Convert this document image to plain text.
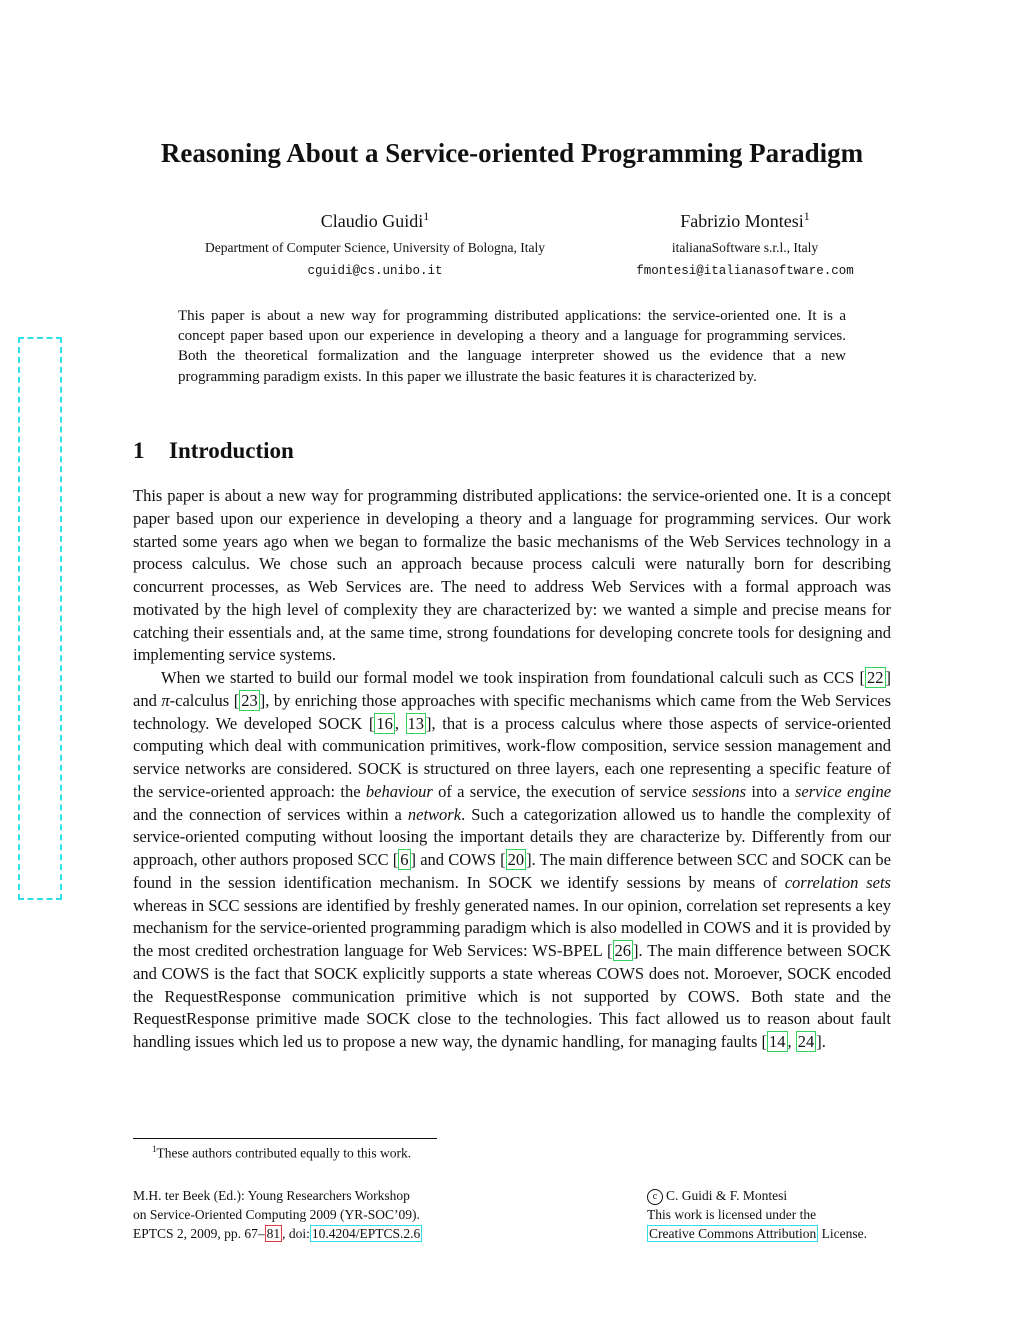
Reasoning About a Service-oriented Programming Paradigm
Claudio Guidi$^1$
Department of Computer Science, University of Bologna, Italy
cguidi@cs.unibo.it
Fabrizio Montesi$^1$
italianaSoftware s.r.l., Italy
fmontesi@italianasoftware.com

This paper is about a new way for programming distributed applications: the service-oriented one. It is a concept paper based upon our experience in developing a theory and a language for programming services. Both the theoretical formalization and the language interpreter showed us the evidence that a new programming paradigm exists. In this paper we illustrate the basic features it is characterized by.

1 Introduction

This paper is about a new way for programming distributed applications: the service-oriented one. It is a concept paper based upon our experience in developing a theory and a language for programming services. Our work started some years ago when we began to formalize the basic mechanisms of the Web Services technology in a process calculus. We chose such an approach because process calculi were naturally born for describing concurrent processes, as Web Services are. The need to address Web Services with a formal approach was motivated by the high level of complexity they are characterized by: we wanted a simple and precise means for catching their essentials and, at the same time, strong foundations for developing concrete tools for designing and implementing service systems.

When we started to build our formal model we took inspiration from foundational calculi such as CCS [ 22 ] and π-calculus [ 23 ], by enriching those approaches with specific mechanisms which came from the Web Services technology. We developed SOCK [ 16 , 13 ], that is a process calculus where those aspects of service-oriented computing which deal with communication primitives, work-flow composition, service session management and service networks are considered. SOCK is structured on three layers, each one representing a specific feature of the service-oriented approach: the behaviour of a service, the execution of service sessions into a service engine and the connection of services within a network. Such a categorization allowed us to handle the complexity of service-oriented computing without loosing the important details they are characterize by. Differently from our approach, other authors proposed SCC [ 6 ] and COWS [ 20 ]. The main difference between SCC and SOCK can be found in the session identification mechanism. In SOCK we identify sessions by means of correlation sets whereas in SCC sessions are identified by freshly generated names. In our opinion, correlation set represents a key mechanism for the service-oriented programming paradigm which is also modelled in COWS and it is provided by the most credited orchestration language for Web Services: WS-BPEL [ 26 ]. The main difference between SOCK and COWS is the fact that SOCK explicitly supports a state whereas COWS does not. Moroever, SOCK encoded the RequestResponse communication primitive which is not supported by COWS. Both state and the RequestResponse primitive made SOCK close to the technologies. This fact allowed us to reason about fault handling issues which led us to propose a new way, the dynamic handling, for managing faults [ 14 , 24 ].

$^1$These authors contributed equally to this work.
M.H. ter Beek (Ed.): Young Researchers Workshop
on Service-Oriented Computing 2009 (YR-SOC’09).
EPTCS 2, 2009, pp. 67– 81 , doi: 10.4204/EPTCS.2.6
c C. Guidi & F. Montesi
This work is licensed under the
Creative Commons Attribution License.
